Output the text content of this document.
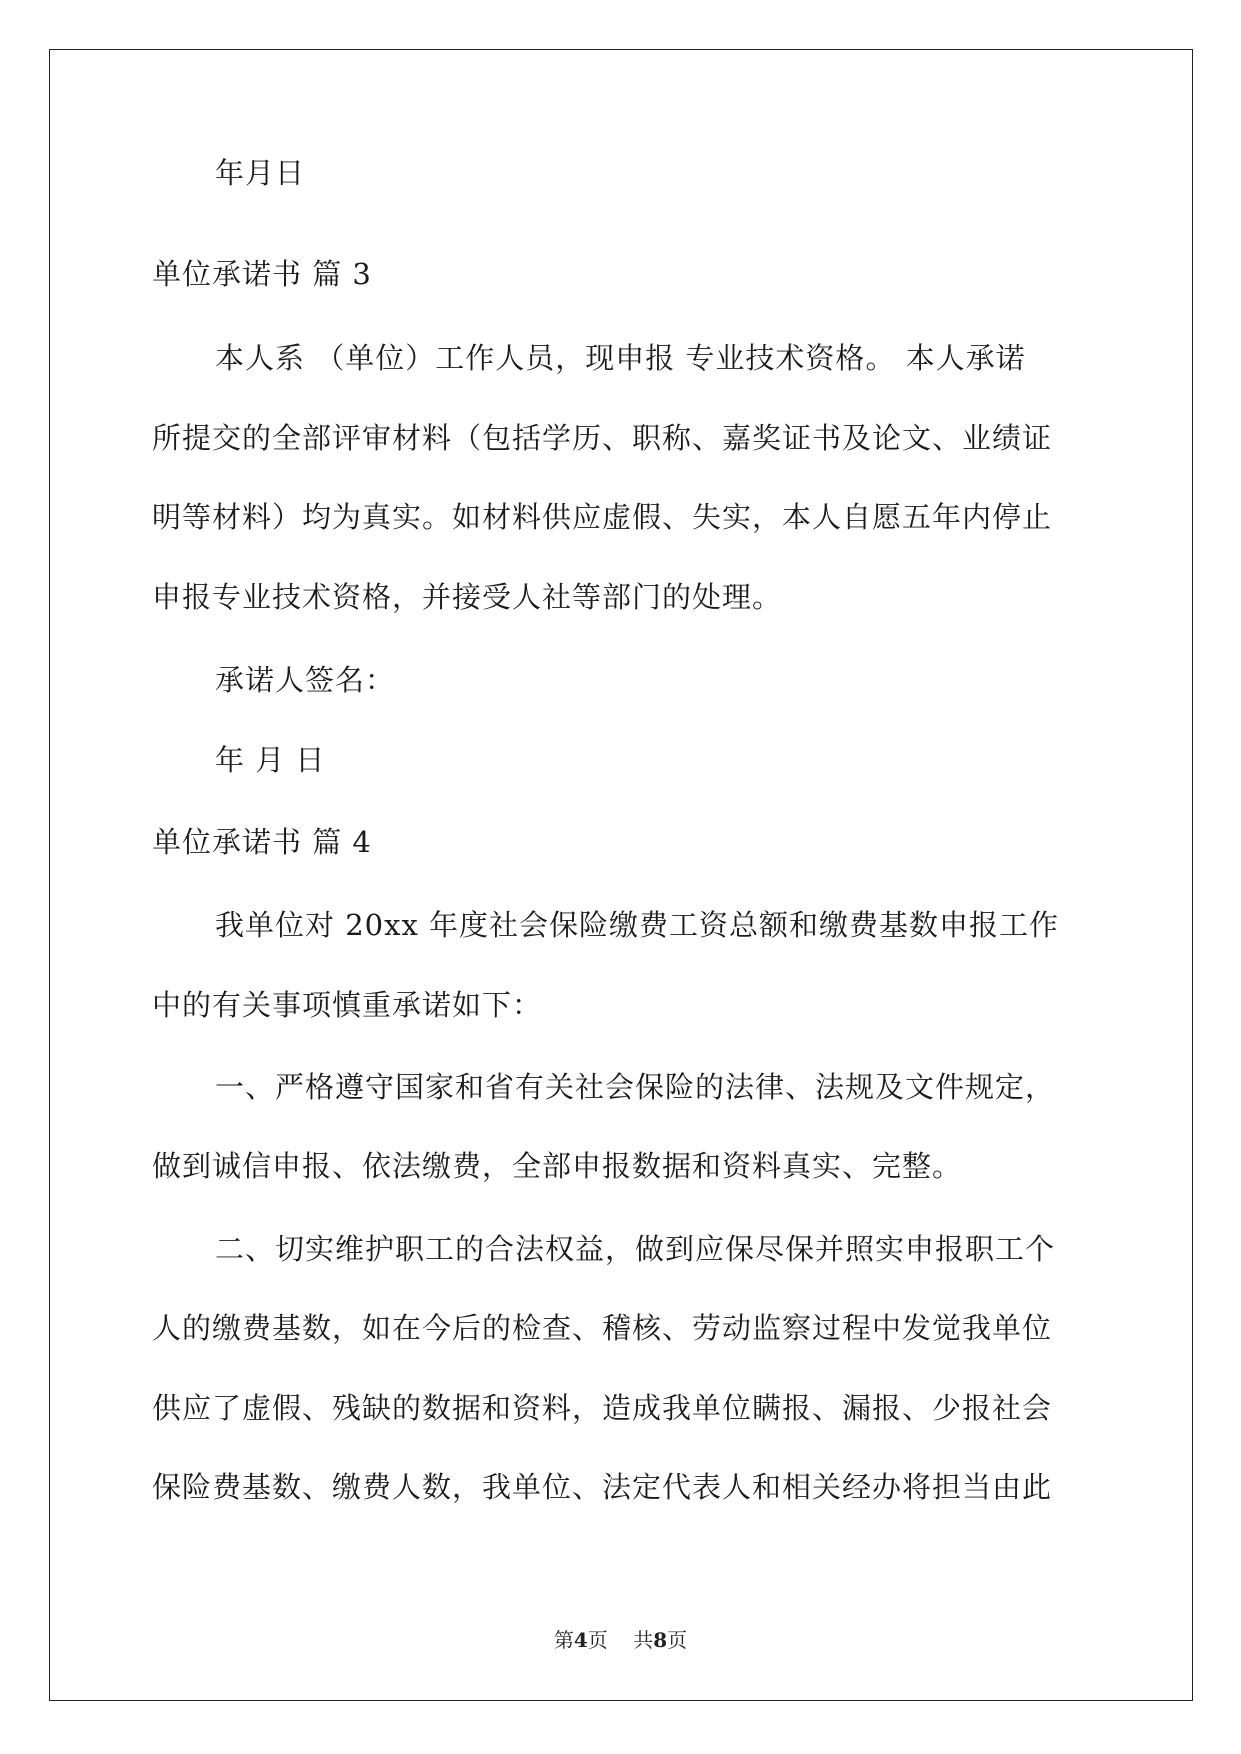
年月日
单位承诺书 篇 3
本人系 （单位）工作人员，现申报 专业技术资格。 本人承诺
所提交的全部评审材料（包括学历、职称、嘉奖证书及论文、业绩证
明等材料）均为真实。如材料供应虚假、失实，本人自愿五年内停止
申报专业技术资格，并接受人社等部门的处理。
承诺人签名：
年 月 日
单位承诺书 篇 4
我单位对 20xx 年度社会保险缴费工资总额和缴费基数申报工作
中的有关事项慎重承诺如下：
一、严格遵守国家和省有关社会保险的法律、法规及文件规定，
做到诚信申报、依法缴费，全部申报数据和资料真实、完整。
二、切实维护职工的合法权益，做到应保尽保并照实申报职工个
人的缴费基数，如在今后的检查、稽核、劳动监察过程中发觉我单位
供应了虚假、残缺的数据和资料，造成我单位瞒报、漏报、少报社会
保险费基数、缴费人数，我单位、法定代表人和相关经办将担当由此
第4页    共8页
